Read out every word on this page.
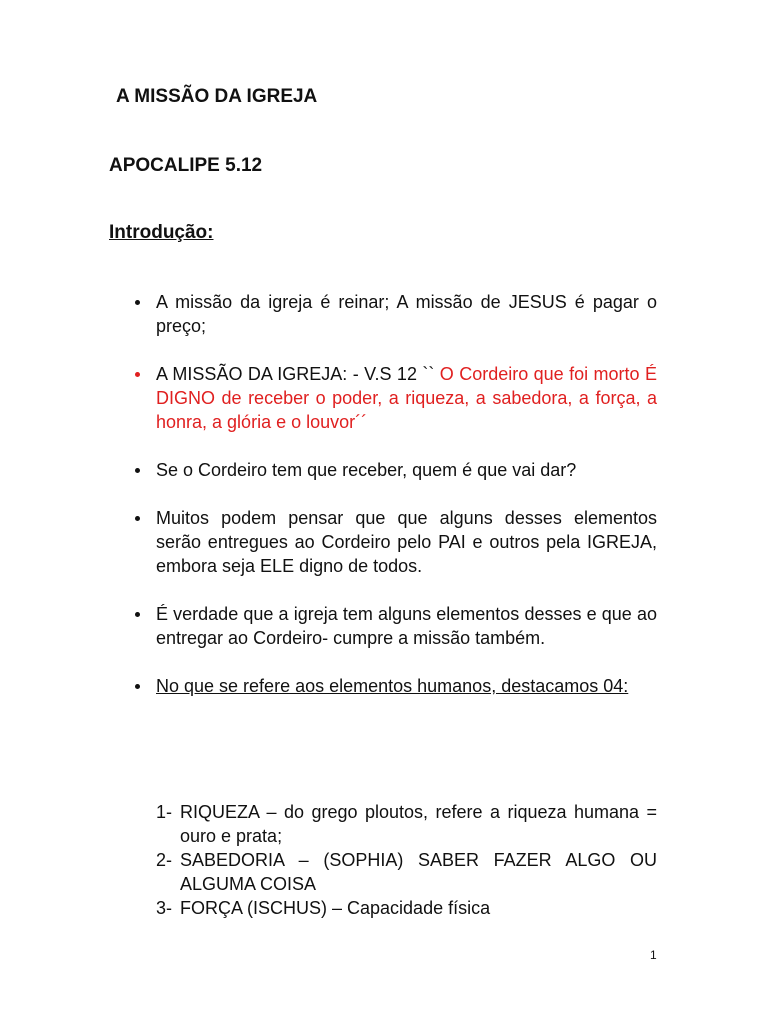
A MISSÃO DA IGREJA
APOCALIPE 5.12
Introdução:

A missão da igreja é reinar; A missão de JESUS é pagar o preço;

A MISSÃO DA IGREJA: - V.S 12 `` O Cordeiro que foi morto É DIGNO de receber o poder, a riqueza, a sabedora, a força, a honra, a glória e o louvor´´

Se o Cordeiro tem que receber, quem é que vai dar?

Muitos podem pensar que que alguns desses elementos serão entregues ao Cordeiro pelo PAI e outros pela IGREJA, embora seja ELE digno de todos.

É verdade que a igreja tem alguns elementos desses e que ao entregar ao Cordeiro- cumpre a missão também.

No que se refere aos elementos humanos, destacamos 04:

1- RIQUEZA – do grego ploutos, refere a riqueza humana = ouro e prata;
2- SABEDORIA – (SOPHIA) SABER FAZER ALGO OU ALGUMA COISA
3- FORÇA (ISCHUS) – Capacidade física
1
